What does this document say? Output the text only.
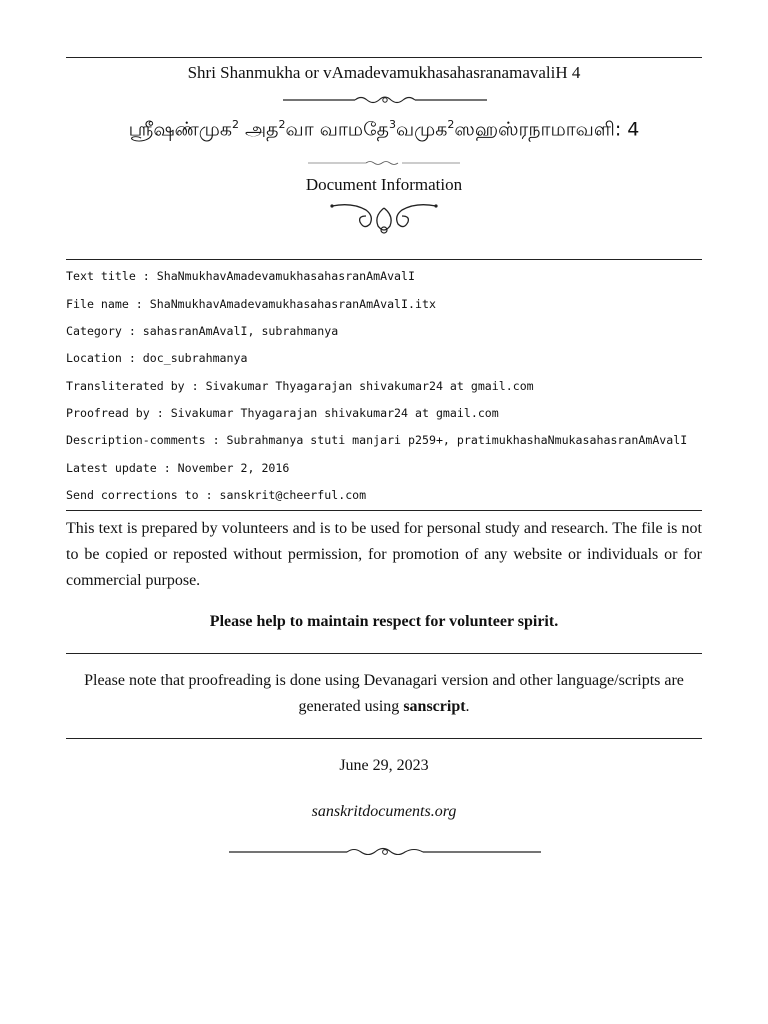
Shri Shanmukha or vAmadevamukhasahasranamavaliH 4
ஶ்ரீஷண்முக$^2$ அத$^2$வா வாமதே$^3$வமுக$^2$ஸஹஸ்ரநாமாவளி: 4
Document Information
Text title : ShaNmukhavAmadevamukhasahasranAmAvalI
File name : ShaNmukhavAmadevamukhasahasranAmAvalI.itx
Category : sahasranAmAvalI, subrahmanya
Location : doc_subrahmanya
Transliterated by : Sivakumar Thyagarajan shivakumar24 at gmail.com
Proofread by : Sivakumar Thyagarajan shivakumar24 at gmail.com
Description-comments : Subrahmanya stuti manjari p259+, pratimukhashaNmukasahasranAmAvalI
Latest update : November 2, 2016
Send corrections to : sanskrit@cheerful.com
This text is prepared by volunteers and is to be used for personal study and research. The file is not to be copied or reposted without permission, for promotion of any website or individuals or for commercial purpose.
Please help to maintain respect for volunteer spirit.
Please note that proofreading is done using Devanagari version and other language/scripts are generated using sanscript.
June 29, 2023
sanskritdocuments.org
